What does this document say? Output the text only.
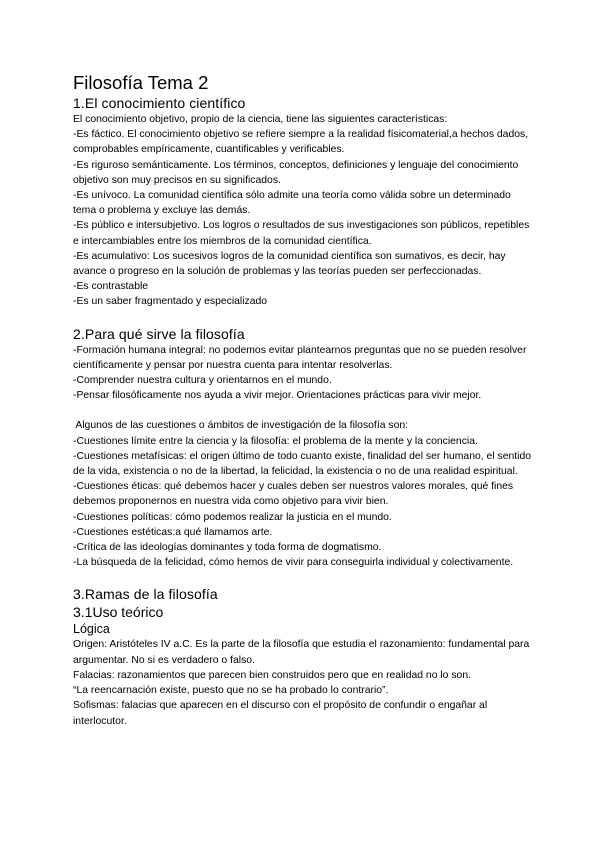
Filosofía Tema 2
1.El conocimiento científico

El conocimiento objetivo, propio de la ciencia, tiene las siguientes características:

-Es fáctico. El conocimiento objetivo se refiere siempre a la realidad físicomaterial,a hechos dados, comprobables empíricamente, cuantificables y verificables.

-Es riguroso semánticamente. Los términos, conceptos, definiciones y lenguaje del conocimiento objetivo son muy precisos en su significados.

-Es unívoco. La comunidad científica sólo admite una teoría como válida sobre un determinado tema o problema y excluye las demás.

-Es público e intersubjetivo. Los logros o resultados de sus investigaciones son públicos, repetibles e intercambiables entre los miembros de la comunidad científica.

-Es acumulativo: Los sucesivos logros de la comunidad científica son sumativos, es decir, hay avance o progreso en la solución de problemas y las teorías pueden ser perfeccionadas.

-Es contrastable

-Es un saber fragmentado y especializado

2.Para qué sirve la filosofía

-Formación humana integral: no podemos evitar plantearnos preguntas que no se pueden resolver científicamente y pensar por nuestra cuenta para intentar resolverlas.

-Comprender nuestra cultura y orientarnos en el mundo.

-Pensar filosóficamente nos ayuda a vivir mejor. Orientaciones prácticas para vivir mejor.

Algunos de las cuestiones o ámbitos de investigación de la filosofía son:

-Cuestiones límite entre la ciencia y la filosofía: el problema de la mente y la conciencia.

-Cuestiones metafísicas: el origen último de todo cuanto existe, finalidad del ser humano, el sentido de la vida, existencia o no de la libertad, la felicidad, la existencia o no de una realidad espiritual.

-Cuestiones éticas: qué debemos hacer y cuales deben ser nuestros valores morales, qué fines debemos proponernos en nuestra vida como objetivo para vivir bien.

-Cuestiones políticas: cómo podemos realizar la justicia en el mundo.

-Cuestiones estéticas:a qué llamamos arte.

-Crítica de las ideologías dominantes y toda forma de dogmatismo.

-La búsqueda de la felicidad, cómo hemos de vivir para conseguirla individual y colectivamente.

3.Ramas de la filosofía
3.1Uso teórico
Lógica

Origen: Aristóteles IV a.C. Es la parte de la filosofía que estudia el razonamiento: fundamental para argumentar. No si es verdadero o falso.

Falacias: razonamientos que parecen bien construidos pero que en realidad no lo son.

“La reencarnación existe, puesto que no se ha probado lo contrario”.

Sofismas: falacias que aparecen en el discurso con el propósito de confundir o engañar al interlocutor.
